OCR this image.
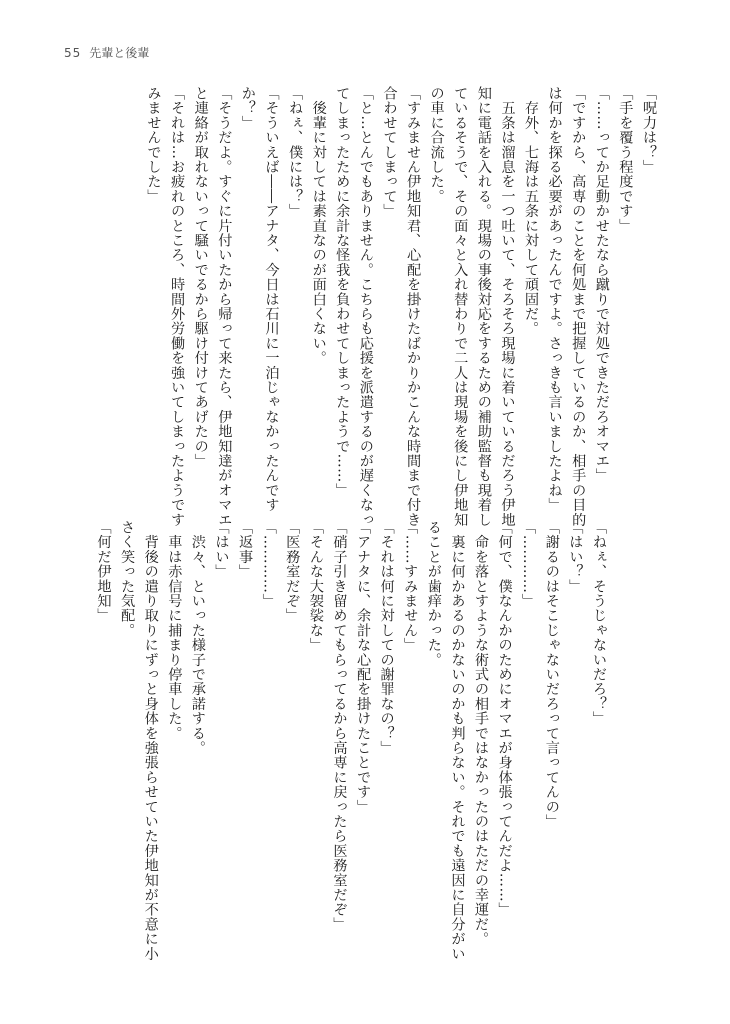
55 先輩と後輩
「呪力は？」
「手を覆う程度です」
「……ってか足動かせたなら蹴りで対処できただろオマエ」
「ですから、高専のことを何処まで把握しているのか、相手の目的
は何かを探る必要があったんですよ。さっきも言いましたよね」
　存外、七海は五条に対して頑固だ。
　五条は溜息を一つ吐いて、そろそろ現場に着いているだろう伊地
知に電話を入れる。現場の事後対応をするための補助監督も現着し
ているそうで、その面々と入れ替わりで二人は現場を後にし伊地知
の車に合流した。
「すみません伊地知君、心配を掛けたばかりかこんな時間まで付き
合わせてしまって」
「と…とんでもありません。こちらも応援を派遣するのが遅くなっ
てしまったために余計な怪我を負わせてしまったようで……」
　後輩に対しては素直なのが面白くない。
「ねぇ、僕には？」
「そういえば――アナタ、今日は石川に一泊じゃなかったんです
か？」
「そうだよ。すぐに片付いたから帰って来たら、伊地知達がオマエ
と連絡が取れないって騒いでるから駆け付けてあげたの」
「それは…お疲れのところ、時間外労働を強いてしまったようです
みませんでした」
「ねぇ、そうじゃないだろ？」
「はい？」
「謝るのはそこじゃないだろって言ってんの」
「…………」
「何で、僕なんかのためにオマエが身体張ってんだよ……」
　命を落とすような術式の相手ではなかったのはただの幸運だ。
　裏に何かあるのかないのかも判らない。それでも遠因に自分がい
ることが歯痒かった。
「……すみません」
「それは何に対しての謝罪なの？」
「アナタに、余計な心配を掛けたことです」
「硝子引き留めてもらってるから高専に戻ったら医務室だぞ」
「そんな大袈裟な」
「医務室だぞ」
「…………」
「返事」
「はい」
　渋々、といった様子で承諾する。
　車は赤信号に捕まり停車した。
　背後の遣り取りにずっと身体を強張らせていた伊地知が不意に小
さく笑った気配。
「何だ伊地知」
